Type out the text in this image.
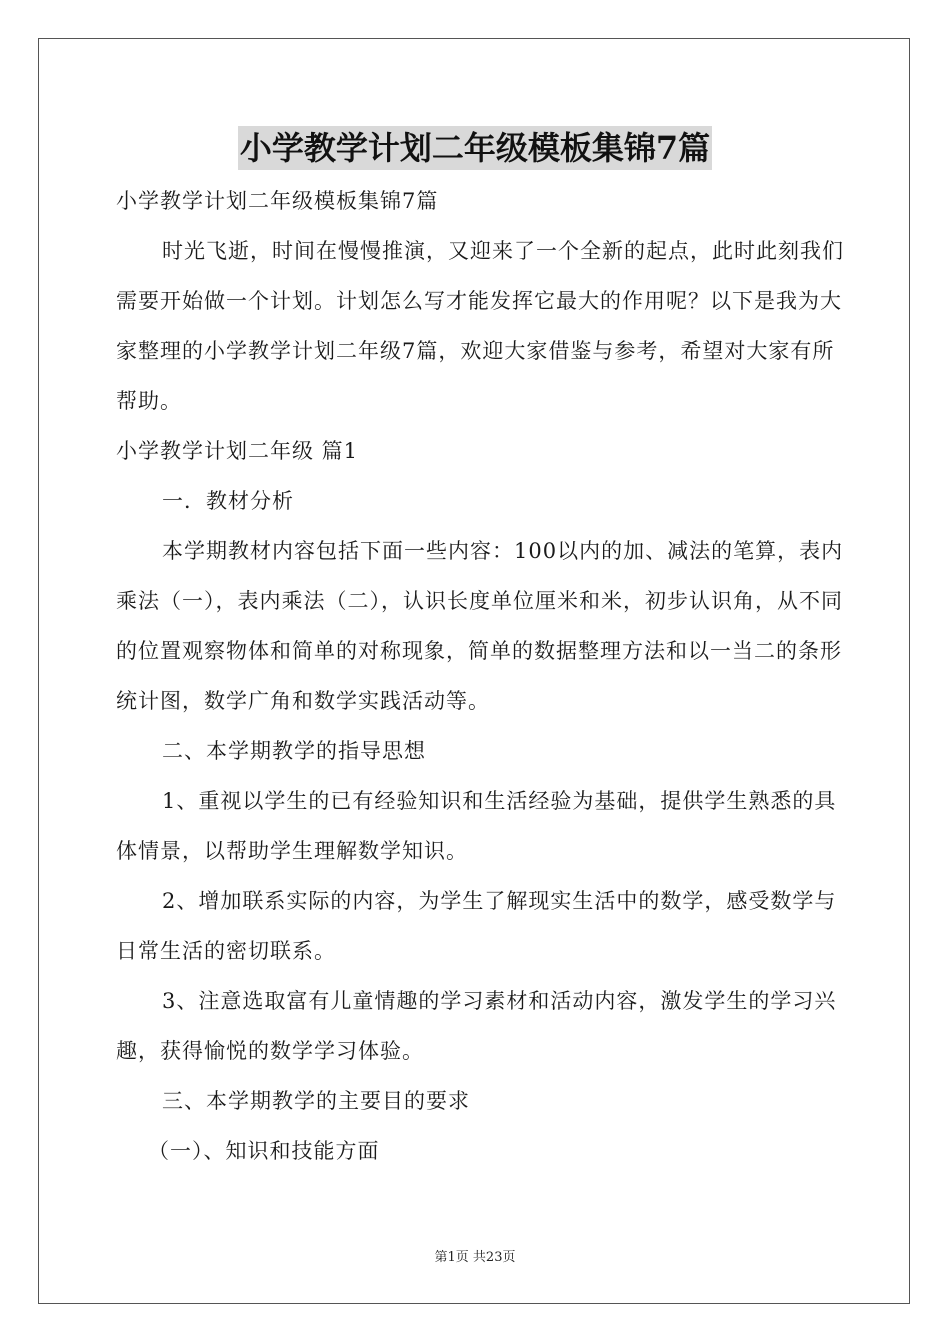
小学教学计划二年级模板集锦7篇

小学教学计划二年级模板集锦7篇

时光飞逝，时间在慢慢推演，又迎来了一个全新的起点，此时此刻我们需要开始做一个计划。计划怎么写才能发挥它最大的作用呢？以下是我为大家整理的小学教学计划二年级7篇，欢迎大家借鉴与参考，希望对大家有所帮助。

小学教学计划二年级 篇1

一．教材分析

本学期教材内容包括下面一些内容：100以内的加、减法的笔算，表内乘法（一），表内乘法（二），认识长度单位厘米和米，初步认识角，从不同的位置观察物体和简单的对称现象，简单的数据整理方法和以一当二的条形统计图，数学广角和数学实践活动等。

二、本学期教学的指导思想

1、重视以学生的已有经验知识和生活经验为基础，提供学生熟悉的具体情景，以帮助学生理解数学知识。

2、增加联系实际的内容，为学生了解现实生活中的数学，感受数学与日常生活的密切联系。

3、注意选取富有儿童情趣的学习素材和活动内容，激发学生的学习兴趣，获得愉悦的数学学习体验。

三、本学期教学的主要目的要求

（一）、知识和技能方面

第1页 共23页
